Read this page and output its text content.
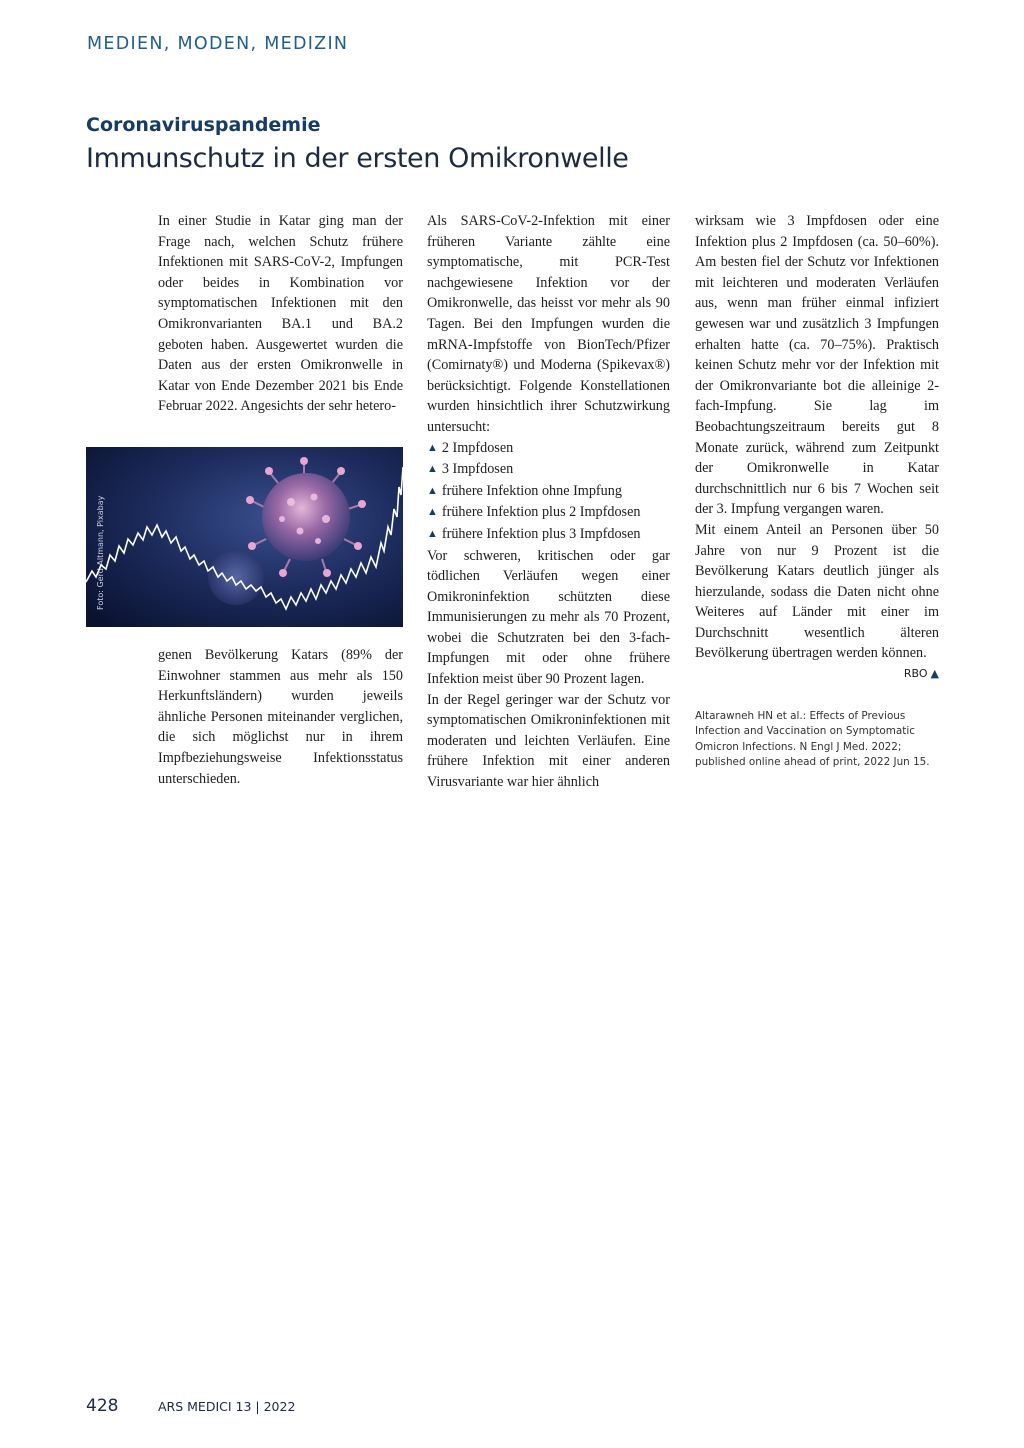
MEDIEN, MODEN, MEDIZIN
Coronaviruspandemie
Immunschutz in der ersten Omikronwelle

In einer Studie in Katar ging man der Frage nach, welchen Schutz frühere Infektionen mit SARS-CoV-2, Impfungen oder beides in Kombination vor symptomatischen Infektionen mit den Omikronvarianten BA.1 und BA.2 geboten haben. Ausgewertet wurden die Daten aus der ersten Omikronwelle in Katar von Ende Dezember 2021 bis Ende Februar 2022. Angesichts der sehr hetero-

Foto: Gerd Altmann, Pixabay

genen Bevölkerung Katars (89% der Einwohner stammen aus mehr als 150 Herkunftsländern) wurden jeweils ähnliche Personen miteinander verglichen, die sich möglichst nur in ihrem Impfbeziehungsweise Infektionsstatus unterschieden.

Als SARS-CoV-2-Infektion mit einer früheren Variante zählte eine symptomatische, mit PCR-Test nachgewiesene Infektion vor der Omikronwelle, das heisst vor mehr als 90 Tagen. Bei den Impfungen wurden die mRNA-Impfstoffe von BionTech/Pfizer (Comirnaty®) und Moderna (Spikevax®) berücksichtigt. Folgende Konstellationen wurden hinsichtlich ihrer Schutzwirkung untersucht:

▲ 2 Impfdosen
▲ 3 Impfdosen
▲ frühere Infektion ohne Impfung
▲ frühere Infektion plus 2 Impfdosen
▲ frühere Infektion plus 3 Impfdosen

Vor schweren, kritischen oder gar tödlichen Verläufen wegen einer Omikroninfektion schützten diese Immunisierungen zu mehr als 70 Prozent, wobei die Schutzraten bei den 3-fach-Impfungen mit oder ohne frühere Infektion meist über 90 Prozent lagen.

In der Regel geringer war der Schutz vor symptomatischen Omikroninfektionen mit moderaten und leichten Verläufen. Eine frühere Infektion mit einer anderen Virusvariante war hier ähnlich

wirksam wie 3 Impfdosen oder eine Infektion plus 2 Impfdosen (ca. 50–60%). Am besten fiel der Schutz vor Infektionen mit leichteren und moderaten Verläufen aus, wenn man früher einmal infiziert gewesen war und zusätzlich 3 Impfungen erhalten hatte (ca. 70–75%). Praktisch keinen Schutz mehr vor der Infektion mit der Omikronvariante bot die alleinige 2-fach-Impfung. Sie lag im Beobachtungszeitraum bereits gut 8 Monate zurück, während zum Zeitpunkt der Omikronwelle in Katar durchschnittlich nur 6 bis 7 Wochen seit der 3. Impfung vergangen waren.

Mit einem Anteil an Personen über 50 Jahre von nur 9 Prozent ist die Bevölkerung Katars deutlich jünger als hierzulande, sodass die Daten nicht ohne Weiteres auf Länder mit einer im Durchschnitt wesentlich älteren Bevölkerung übertragen werden können.
RBO ▲

Altarawneh HN et al.: Effects of Previous Infection and Vaccination on Symptomatic Omicron Infections. N Engl J Med. 2022; published online ahead of print, 2022 Jun 15.
428	ARS MEDICI 13 | 2022
